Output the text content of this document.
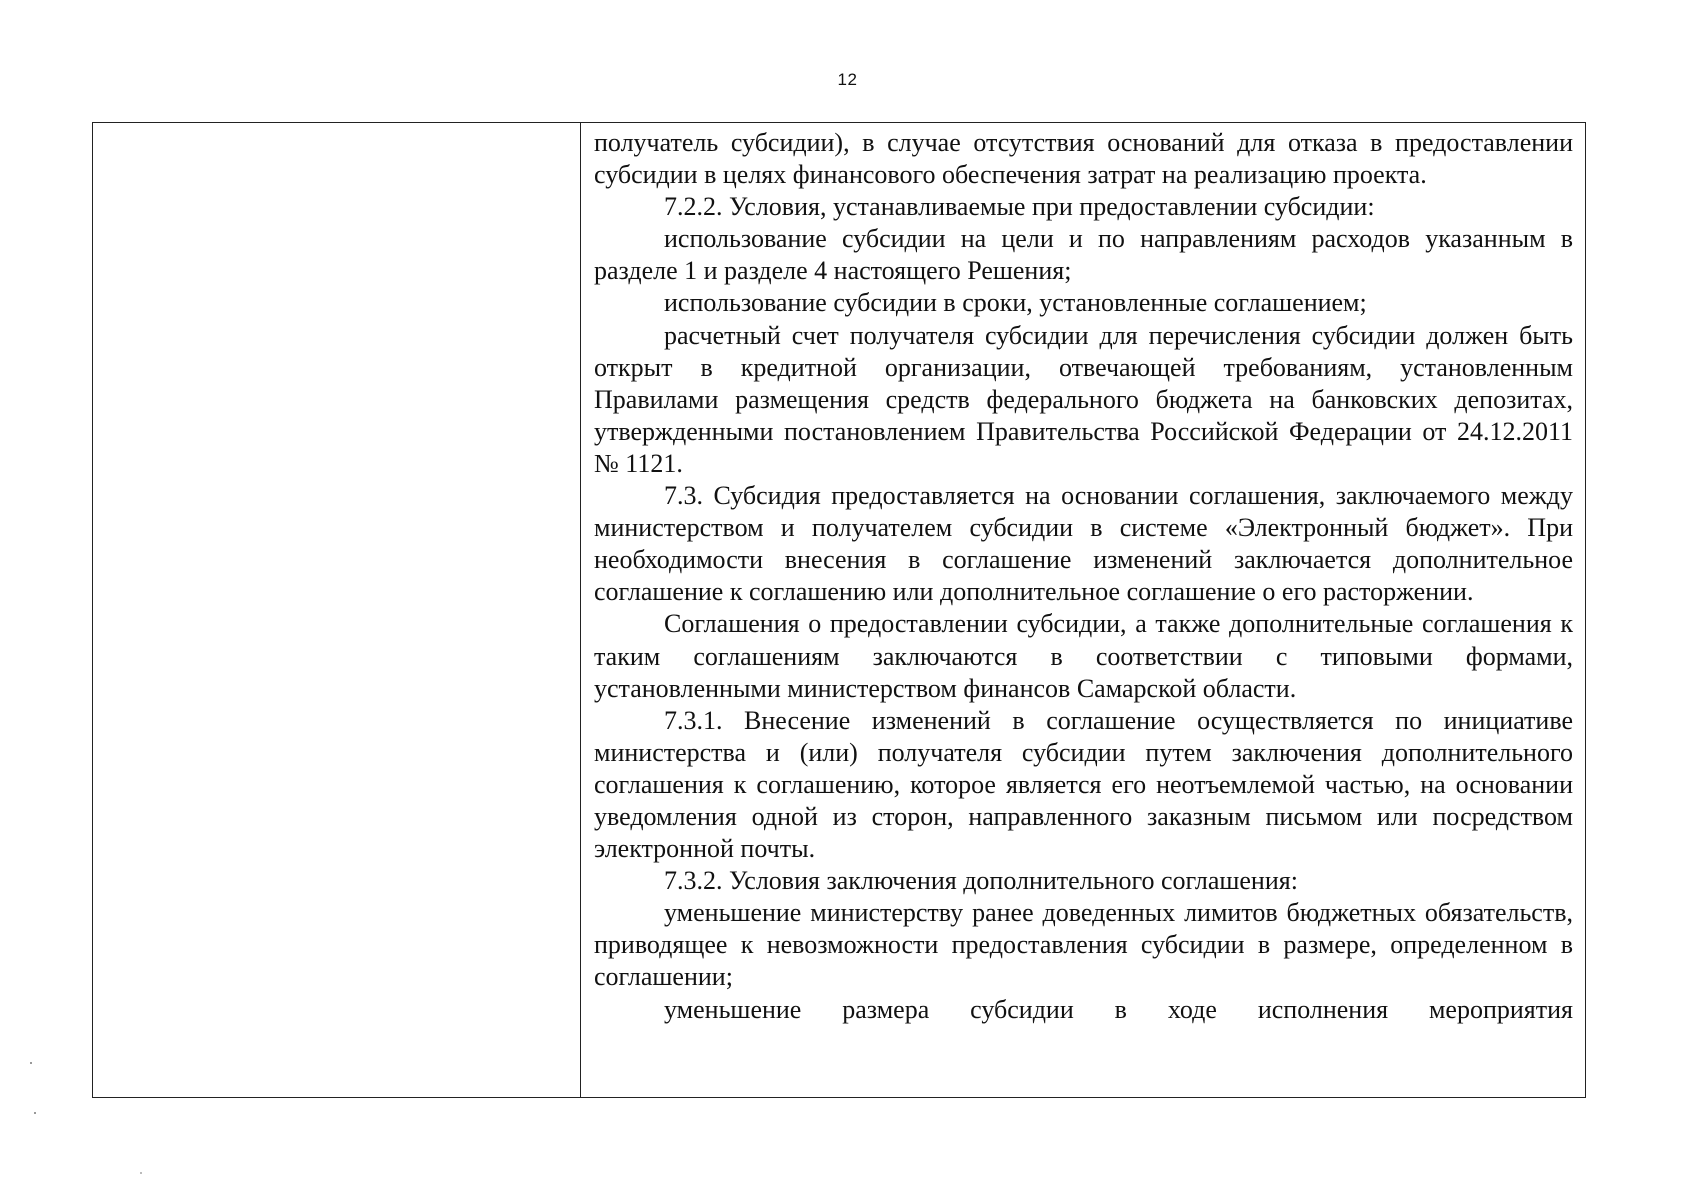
12

получатель субсидии), в случае отсутствия оснований для отказа в предоставлении субсидии в целях финансового обеспечения затрат на реализацию проекта.

7.2.2. Условия, устанавливаемые при предоставлении субсидии:

использование субсидии на цели и по направлениям расходов указанным в разделе 1 и разделе 4 настоящего Решения;

использование субсидии в сроки, установленные соглашением;

расчетный счет получателя субсидии для перечисления субсидии должен быть открыт в кредитной организации, отвечающей требованиям, установленным Правилами размещения средств федерального бюджета на банковских депозитах, утвержденными постановлением Правительства Российской Федерации от 24.12.2011 № 1121.

7.3. Субсидия предоставляется на основании соглашения, заключаемого между министерством и получателем субсидии в системе «Электронный бюджет». При необходимости внесения в соглашение изменений заключается дополнительное соглашение к соглашению или дополнительное соглашение о его расторжении.

Соглашения о предоставлении субсидии, а также дополнительные соглашения к таким соглашениям заключаются в соответствии с типовыми формами, установленными министерством финансов Самарской области.

7.3.1. Внесение изменений в соглашение осуществляется по инициативе министерства и (или) получателя субсидии путем заключения дополнительного соглашения к соглашению, которое является его неотъемлемой частью, на основании уведомления одной из сторон, направленного заказным письмом или посредством электронной почты.

7.3.2. Условия заключения дополнительного соглашения:

уменьшение министерству ранее доведенных лимитов бюджетных обязательств, приводящее к невозможности предоставления субсидии в размере, определенном в соглашении;

уменьшение размера субсидии в ходе исполнения мероприятия
